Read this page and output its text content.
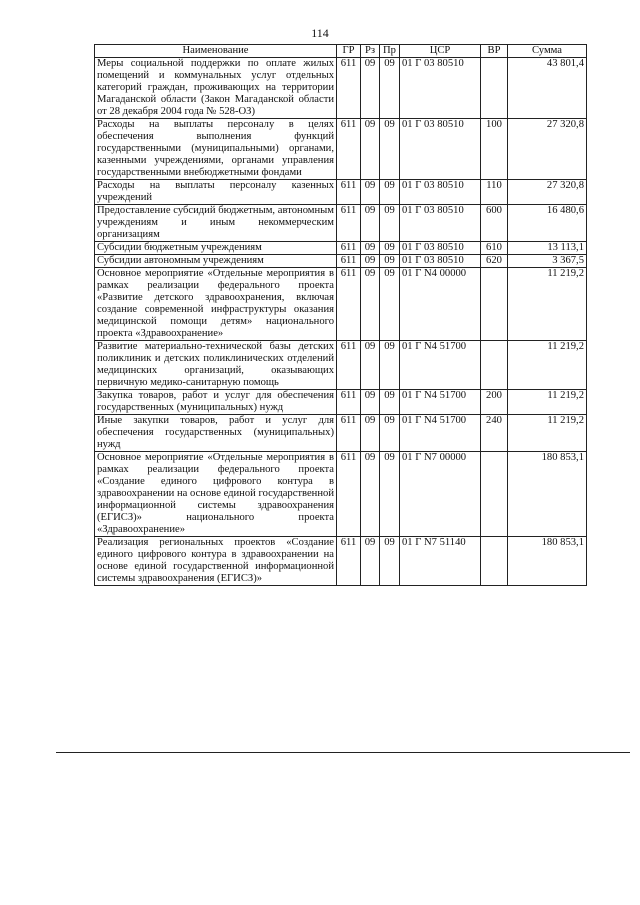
114
Наименование	ГР	Рз	Пр	ЦСР	ВР	Сумма
Меры социальной поддержки по оплате жилых помещений и коммунальных услуг отдельных категорий граждан, проживающих на территории Магаданской области (Закон Магаданской области от 28 декабря 2004 года № 528-ОЗ)	611	09	09	01 Г 03 80510		43 801,4
Расходы на выплаты персоналу в целях обеспечения выполнения функций государственными (муниципальными) органами, казенными учреждениями, органами управления государственными внебюджетными фондами	611	09	09	01 Г 03 80510	100	27 320,8
Расходы на выплаты персоналу казенных учреждений	611	09	09	01 Г 03 80510	110	27 320,8
Предоставление субсидий бюджетным, автономным учреждениям и иным некоммерческим организациям	611	09	09	01 Г 03 80510	600	16 480,6
Субсидии бюджетным учреждениям	611	09	09	01 Г 03 80510	610	13 113,1
Субсидии автономным учреждениям	611	09	09	01 Г 03 80510	620	3 367,5
Основное мероприятие «Отдельные мероприятия в рамках реализации федерального проекта «Развитие детского здравоохранения, включая создание современной инфраструктуры оказания медицинской помощи детям» национального проекта «Здравоохранение»	611	09	09	01 Г N4 00000		11 219,2
Развитие материально-технической базы детских поликлиник и детских поликлинических отделений медицинских организаций, оказывающих первичную медико-санитарную помощь	611	09	09	01 Г N4 51700		11 219,2
Закупка товаров, работ и услуг для обеспечения государственных (муниципальных) нужд	611	09	09	01 Г N4 51700	200	11 219,2
Иные закупки товаров, работ и услуг для обеспечения государственных (муниципальных) нужд	611	09	09	01 Г N4 51700	240	11 219,2
Основное мероприятие «Отдельные мероприятия в рамках реализации федерального проекта «Создание единого цифрового контура в здравоохранении на основе единой государственной информационной системы здравоохранения (ЕГИСЗ)» национального проекта «Здравоохранение»	611	09	09	01 Г N7 00000		180 853,1
Реализация региональных проектов «Создание единого цифрового контура в здравоохранении на основе единой государственной информационной системы здравоохранения (ЕГИСЗ)»	611	09	09	01 Г N7 51140		180 853,1
